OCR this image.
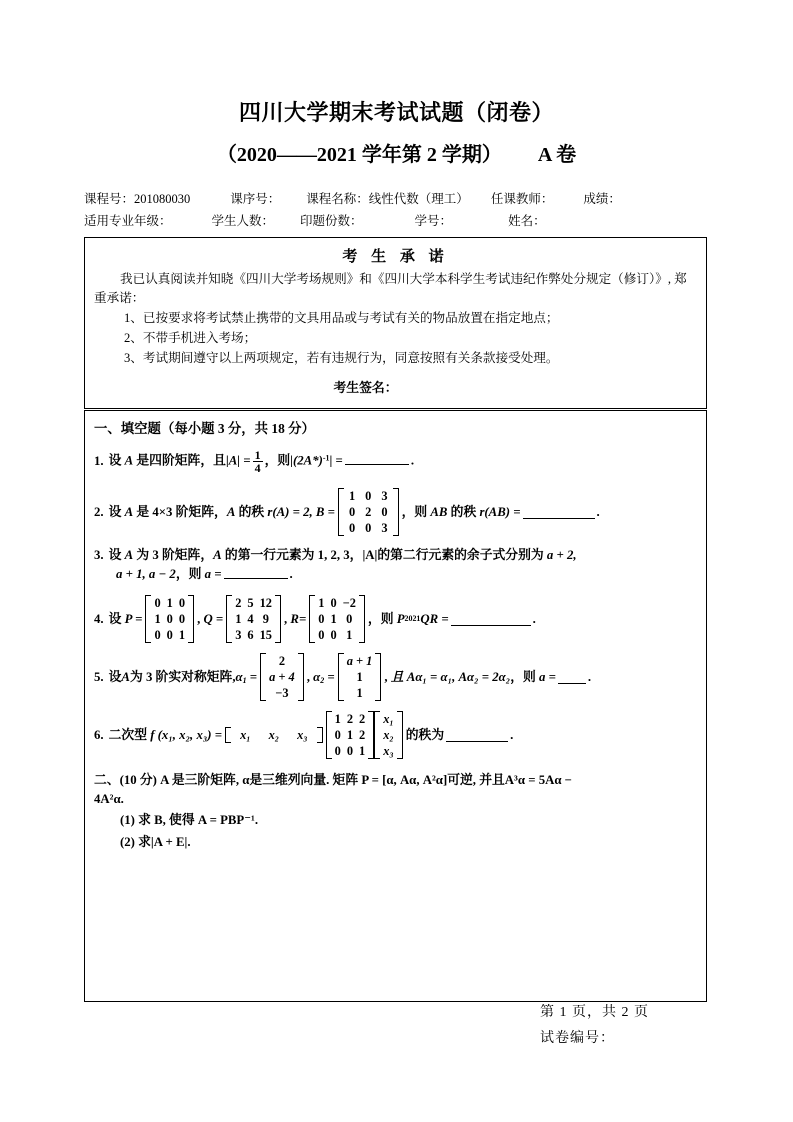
四川大学期末考试试题（闭卷）
（2020——2021 学年第 2 学期） A 卷
课程号： 201080030	课序号： 课程名称： 线性代数（理工） 任课教师： 成绩：
适用专业年级：	学生人数： 印题份数：	学号：	姓名：
考 生 承 诺

我已认真阅读并知晓《四川大学考场规则》和《四川大学本科学生考试违纪作弊处分规定（修订）》, 郑重承诺：

1、已按要求将考试禁止携带的文具用品或与考试有关的物品放置在指定地点；

2、不带手机进入考场；

3、考试期间遵守以上两项规定，若有违规行为，同意按照有关条款接受处理。

考生签名：
一、填空题（每小题 3 分，共 18 分）
1. 设 A 是四阶矩阵，且$|A| = \frac{1}{4}$ ，则$|(2A*)^{-1}|$ =	.
2. 设
A
是 4×3 阶矩阵， A
的秩
r(A) = 2, B =
1	0	3
0	2	0
0	0	3
，则
AB
的秩
r(AB) =	.
3. 设 A 为 3 阶矩阵，A 的第一行元素为 1, 2, 3，|A|的第二行元素的余子式分别为 a + 2,
a + 1, a − 2，则 a =	.
4. 设
P =
0	1	0
1	0	0
0	0	1
, Q =
2	5	12
1	4	9
3	6	15
, R=
1	0	−2
0	1	0
0	0	1
，则
P 2021 QR =	.
5. 设 A 为 3 阶实对称矩阵, $\alpha_1$ =
2
a + 4
−3
, $\alpha_2$ =
a + 1
1
1
, 且 Aα₁ = α₁, Aα₂ = 2α₂ ，则
a =	.
6. 二次型
f (x₁, x₂, x₃) = x₁	x₂	x₃
1	2	2
0	1	2
0	0	1
x₁
x₂
x₃
的秩为	.
二、(10 分) A 是三阶矩阵, α是三维列向量. 矩阵 P = [α, Aα, A²α]可逆, 并且A³α = 5Aα −
4A²α.
(1) 求 B, 使得 A = PBP⁻¹.
(2) 求|A + E|.
第 1 页，共 2 页
试卷编号：
